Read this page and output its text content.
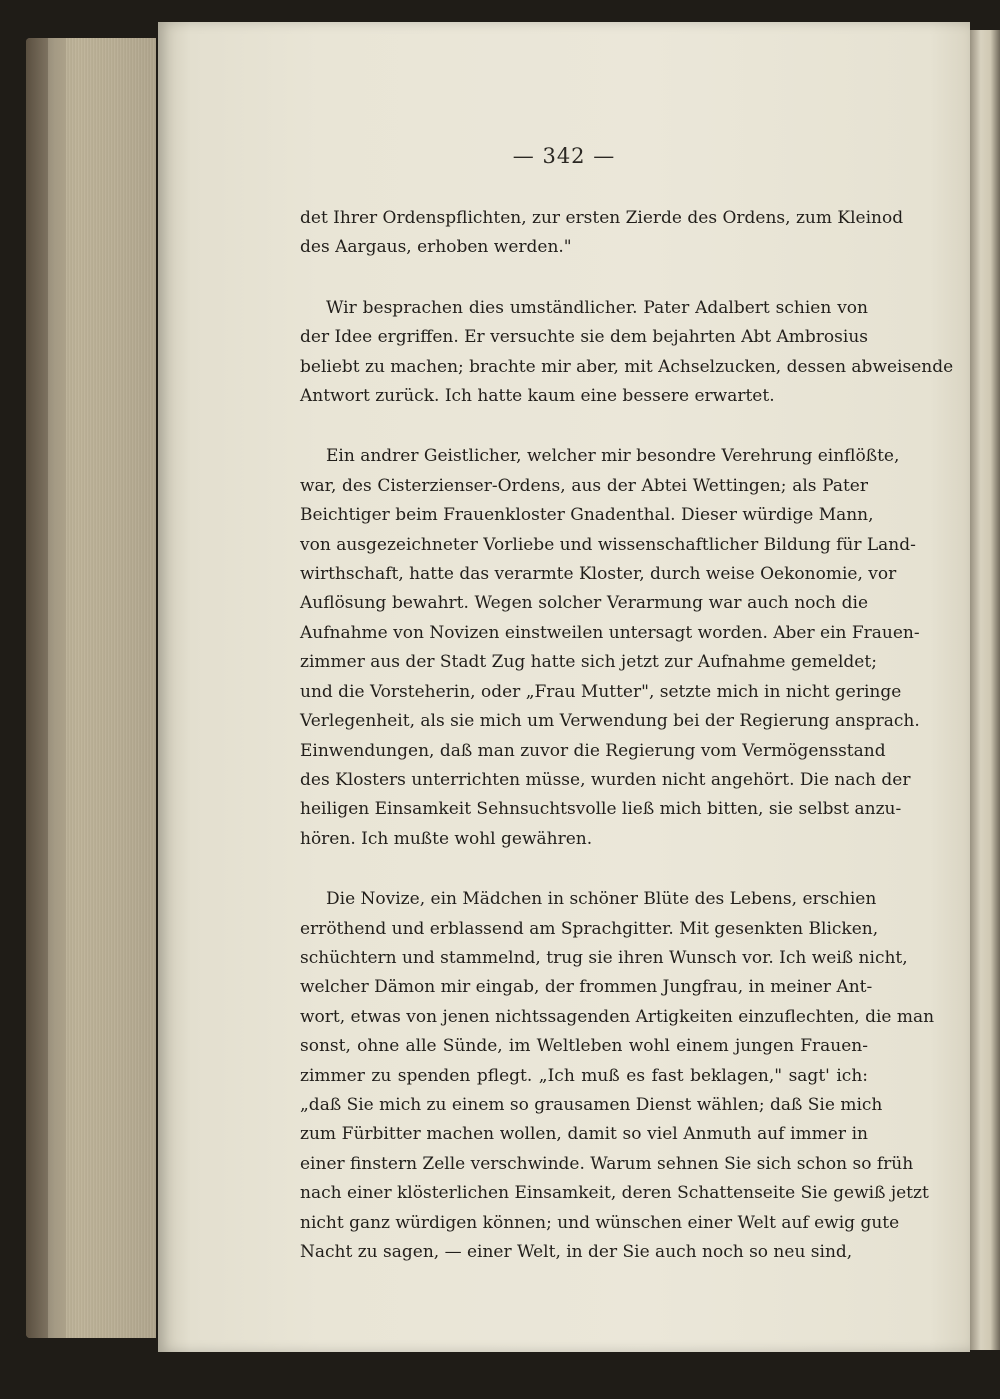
— 342 —

det Ihrer Ordenspflichten, zur ersten Zierde des Ordens, zum Kleinod
des Aargaus, erhoben werden."

Wir besprachen dies umständlicher. Pater Adalbert schien von
der Idee ergriffen. Er versuchte sie dem bejahrten Abt Ambrosius
beliebt zu machen; brachte mir aber, mit Achselzucken, dessen abweisende
Antwort zurück. Ich hatte kaum eine bessere erwartet.

Ein andrer Geistlicher, welcher mir besondre Verehrung einflößte,
war, des Cisterzienser-Ordens, aus der Abtei Wettingen; als Pater
Beichtiger beim Frauenkloster Gnadenthal. Dieser würdige Mann,
von ausgezeichneter Vorliebe und wissenschaftlicher Bildung für Land-
wirthschaft, hatte das verarmte Kloster, durch weise Oekonomie, vor
Auflösung bewahrt. Wegen solcher Verarmung war auch noch die
Aufnahme von Novizen einstweilen untersagt worden. Aber ein Frauen-
zimmer aus der Stadt Zug hatte sich jetzt zur Aufnahme gemeldet;
und die Vorsteherin, oder „Frau Mutter", setzte mich in nicht geringe
Verlegenheit, als sie mich um Verwendung bei der Regierung ansprach.
Einwendungen, daß man zuvor die Regierung vom Vermögensstand
des Klosters unterrichten müsse, wurden nicht angehört. Die nach der
heiligen Einsamkeit Sehnsuchtsvolle ließ mich bitten, sie selbst anzu-
hören. Ich mußte wohl gewähren.

Die Novize, ein Mädchen in schöner Blüte des Lebens, erschien
erröthend und erblassend am Sprachgitter. Mit gesenkten Blicken,
schüchtern und stammelnd, trug sie ihren Wunsch vor. Ich weiß nicht,
welcher Dämon mir eingab, der frommen Jungfrau, in meiner Ant-
wort, etwas von jenen nichtssagenden Artigkeiten einzuflechten, die man
sonst, ohne alle Sünde, im Weltleben wohl einem jungen Frauen-
zimmer zu spenden pflegt. „Ich muß es fast beklagen," sagt' ich:
„daß Sie mich zu einem so grausamen Dienst wählen; daß Sie mich
zum Fürbitter machen wollen, damit so viel Anmuth auf immer in
einer finstern Zelle verschwinde. Warum sehnen Sie sich schon so früh
nach einer klösterlichen Einsamkeit, deren Schattenseite Sie gewiß jetzt
nicht ganz würdigen können; und wünschen einer Welt auf ewig gute
Nacht zu sagen, — einer Welt, in der Sie auch noch so neu sind,
